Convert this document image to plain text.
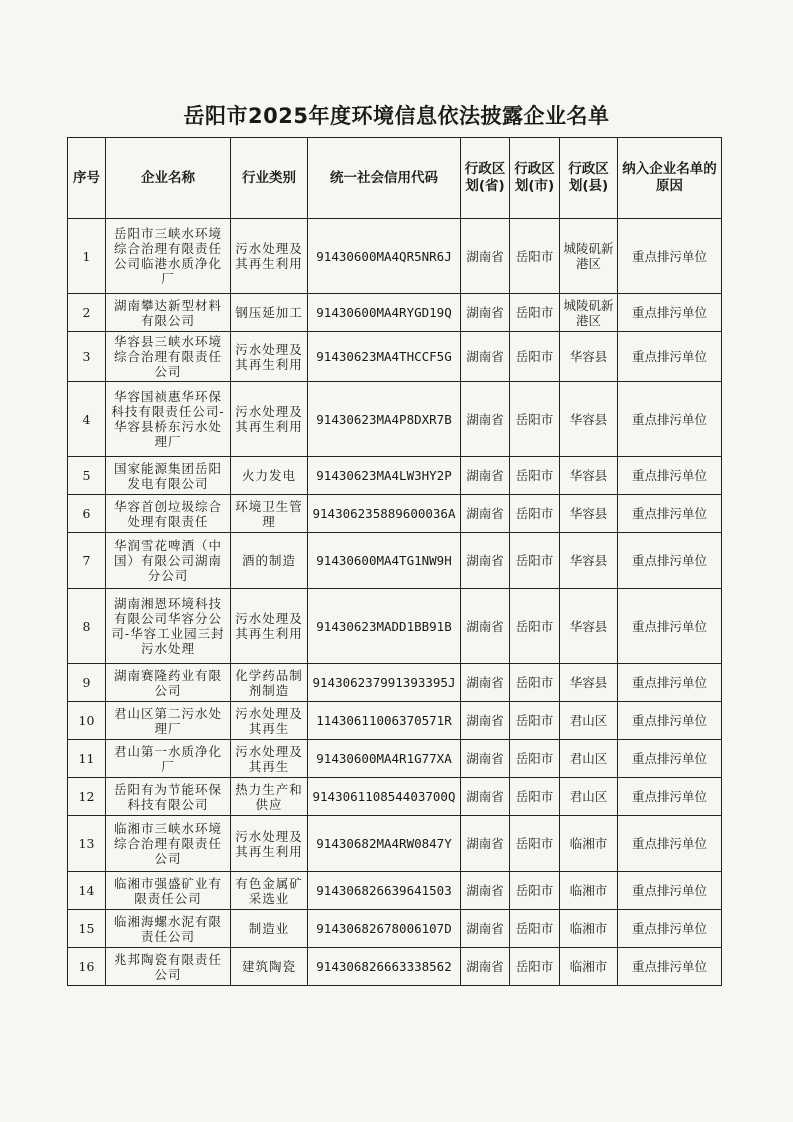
岳阳市2025年度环境信息依法披露企业名单
序号	企业名称	行业类别	统一社会信用代码	行政区划(省)	行政区划(市)	行政区划(县)	纳入企业名单的原因
1	岳阳市三峡水环境综合治理有限责任公司临港水质净化厂	污水处理及其再生利用	91430600MA4QR5NR6J	湖南省	岳阳市	城陵矶新港区	重点排污单位
2	湖南攀达新型材料有限公司	钢压延加工	91430600MA4RYGD19Q	湖南省	岳阳市	城陵矶新港区	重点排污单位
3	华容县三峡水环境综合治理有限责任公司	污水处理及其再生利用	91430623MA4THCCF5G	湖南省	岳阳市	华容县	重点排污单位
4	华容国祯惠华环保科技有限责任公司-华容县桥东污水处理厂	污水处理及其再生利用	91430623MA4P8DXR7B	湖南省	岳阳市	华容县	重点排污单位
5	国家能源集团岳阳发电有限公司	火力发电	91430623MA4LW3HY2P	湖南省	岳阳市	华容县	重点排污单位
6	华容首创垃圾综合处理有限责任	环境卫生管理	914306235889600036A	湖南省	岳阳市	华容县	重点排污单位
7	华润雪花啤酒（中国）有限公司湖南分公司	酒的制造	91430600MA4TG1NW9H	湖南省	岳阳市	华容县	重点排污单位
8	湖南湘恩环境科技有限公司华容分公司-华容工业园三封污水处理	污水处理及其再生利用	91430623MADD1BB91B	湖南省	岳阳市	华容县	重点排污单位
9	湖南赛隆药业有限公司	化学药品制剂制造	914306237991393395J	湖南省	岳阳市	华容县	重点排污单位
10	君山区第二污水处理厂	污水处理及其再生	11430611006370571R	湖南省	岳阳市	君山区	重点排污单位
11	君山第一水质净化厂	污水处理及其再生	91430600MA4R1G77XA	湖南省	岳阳市	君山区	重点排污单位
12	岳阳有为节能环保科技有限公司	热力生产和供应	914306110854403700Q	湖南省	岳阳市	君山区	重点排污单位
13	临湘市三峡水环境综合治理有限责任公司	污水处理及其再生利用	91430682MA4RW0847Y	湖南省	岳阳市	临湘市	重点排污单位
14	临湘市强盛矿业有限责任公司	有色金属矿采选业	914306826639641503	湖南省	岳阳市	临湘市	重点排污单位
15	临湘海螺水泥有限责任公司	制造业	91430682678006107D	湖南省	岳阳市	临湘市	重点排污单位
16	兆邦陶瓷有限责任公司	建筑陶瓷	914306826663338562	湖南省	岳阳市	临湘市	重点排污单位
